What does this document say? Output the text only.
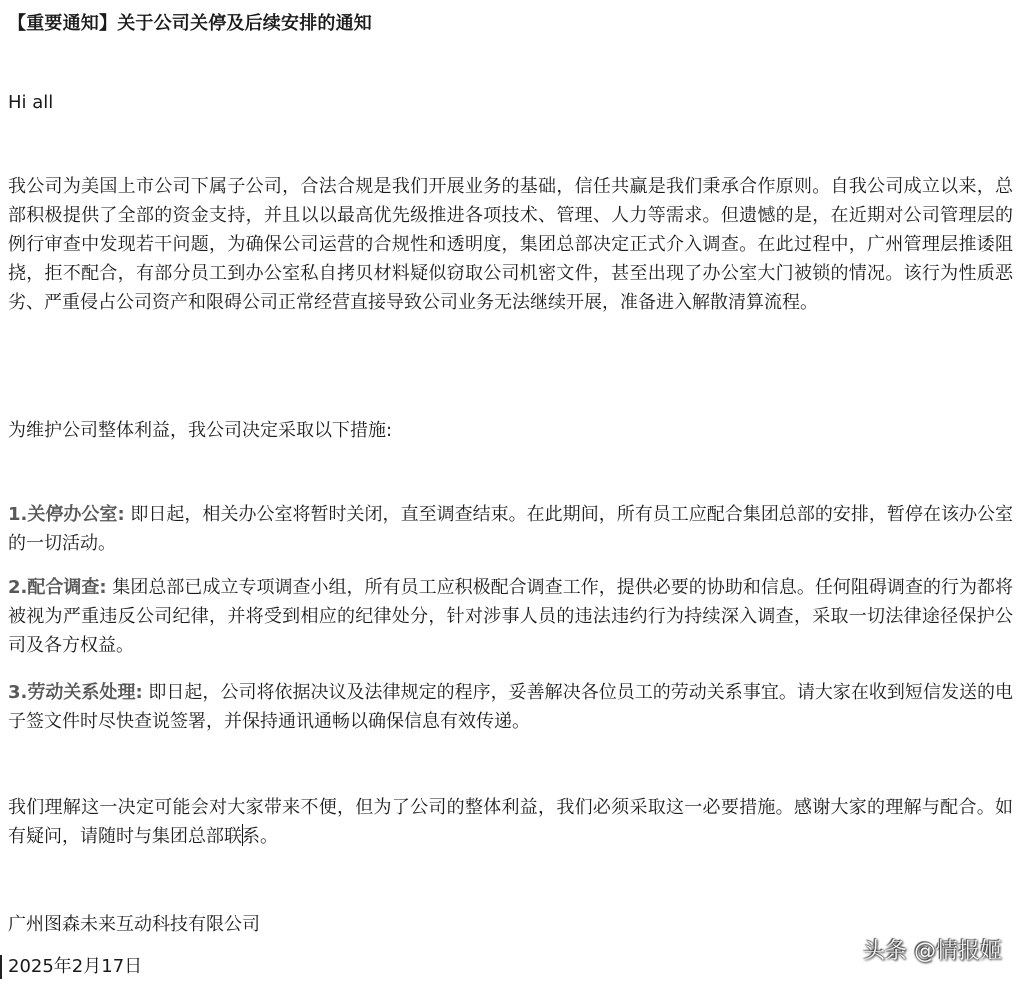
【重要通知】关于公司关停及后续安排的通知
Hi all

我公司为美国上市公司下属子公司，合法合规是我们开展业务的基础，信任共赢是我们秉承合作原则。自我公司成立以来，总部积极提供了全部的资金支持，并且以以最高优先级推进各项技术、管理、人力等需求。但遗憾的是，在近期对公司管理层的例行审查中发现若干问题，为确保公司运营的合规性和透明度，集团总部决定正式介入调查。在此过程中，广州管理层推诿阻挠，拒不配合，有部分员工到办公室私自拷贝材料疑似窃取公司机密文件，甚至出现了办公室大门被锁的情况。该行为性质恶劣、严重侵占公司资产和限碍公司正常经营直接导致公司业务无法继续开展，准备进入解散清算流程。

为维护公司整体利益，我公司决定采取以下措施:

1.关停办公室: 即日起，相关办公室将暂时关闭，直至调查结束。在此期间，所有员工应配合集团总部的安排，暂停在该办公室的一切活动。

2.配合调查: 集团总部已成立专项调查小组，所有员工应积极配合调查工作，提供必要的协助和信息。任何阻碍调查的行为都将被视为严重违反公司纪律，并将受到相应的纪律处分，针对涉事人员的违法违约行为持续深入调查，采取一切法律途径保护公司及各方权益。

3.劳动关系处理: 即日起，公司将依据决议及法律规定的程序，妥善解决各位员工的劳动关系事宜。请大家在收到短信发送的电子签文件时尽快查说签署，并保持通讯通畅以确保信息有效传递。

我们理解这一决定可能会对大家带来不便，但为了公司的整体利益，我们必须采取这一必要措施。感谢大家的理解与配合。如有疑问，请随时与集团总部联系。

广州图森未来互动科技有限公司
2025年2月17日
头条 @情报姬
